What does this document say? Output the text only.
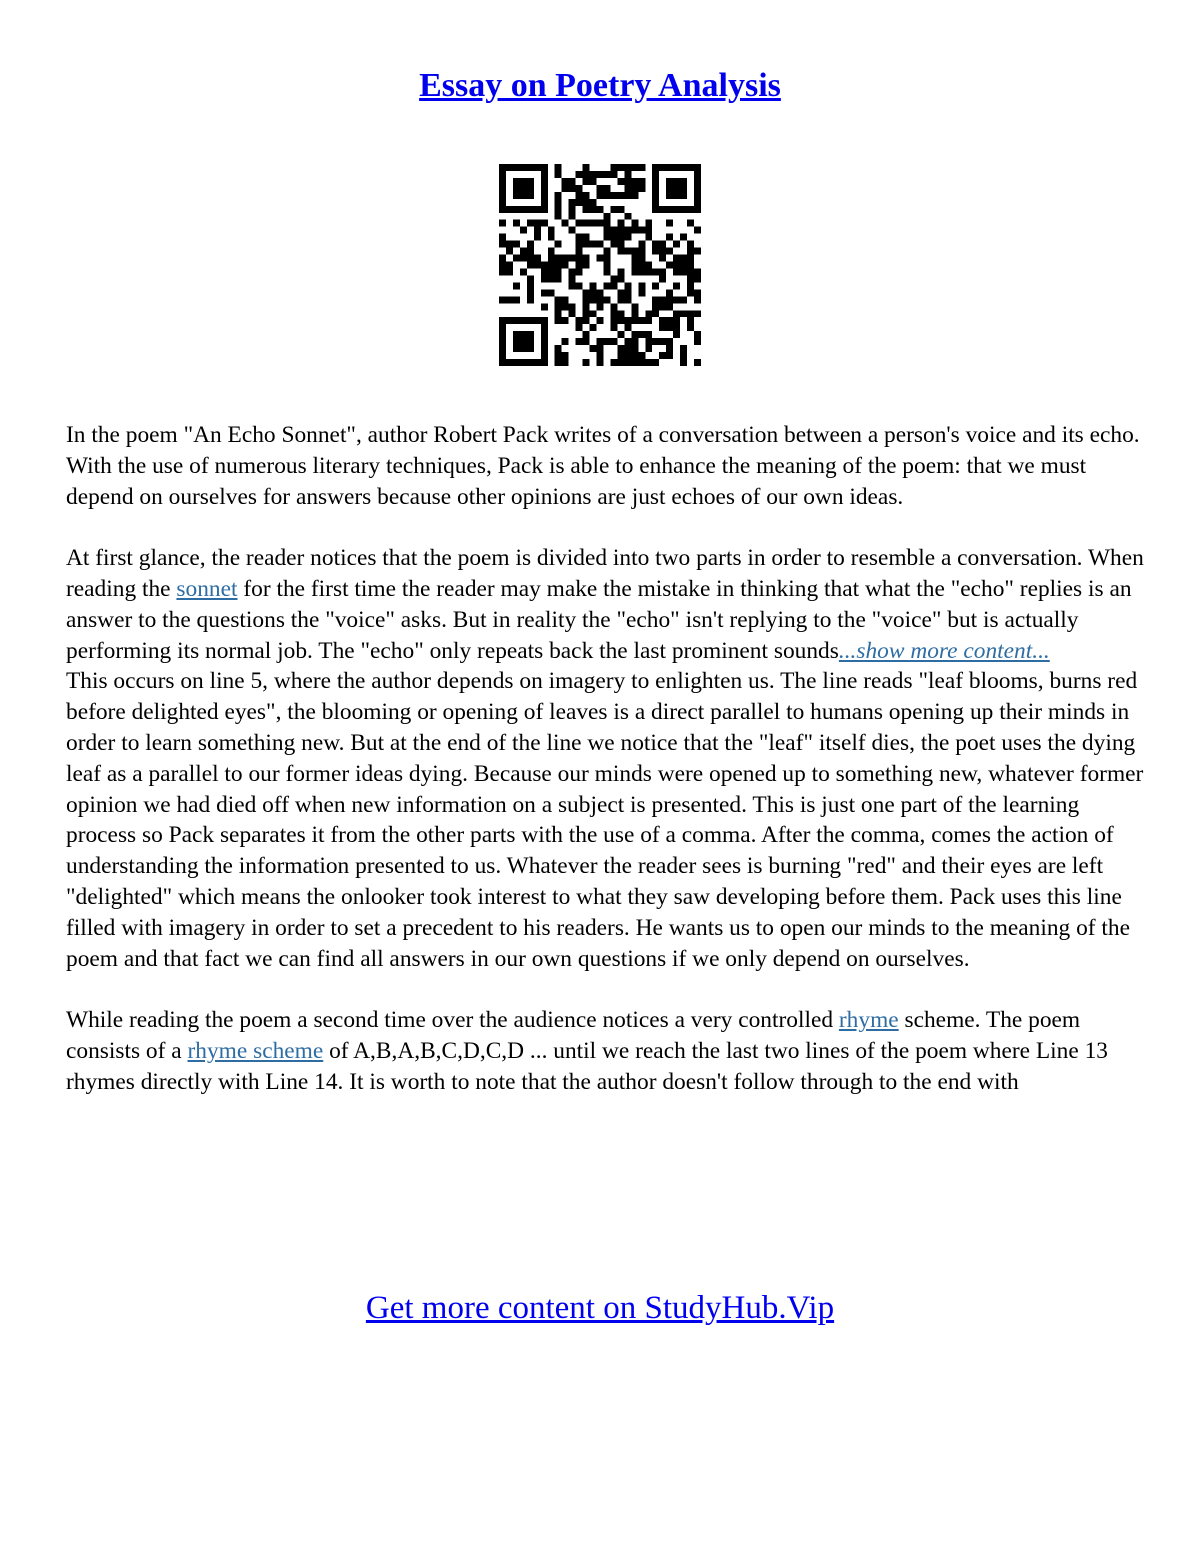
Essay on Poetry Analysis

In the poem "An Echo Sonnet", author Robert Pack writes of a conversation between a person's voice and its echo. With the use of numerous literary techniques, Pack is able to enhance the meaning of the poem: that we must depend on ourselves for answers because other opinions are just echoes of our own ideas.

At first glance, the reader notices that the poem is divided into two parts in order to resemble a conversation. When reading the sonnet for the first time the reader may make the mistake in thinking that what the "echo" replies is an answer to the questions the "voice" asks. But in reality the "echo" isn't replying to the "voice" but is actually performing its normal job. The "echo" only repeats back the last prominent sounds...show more content...

This occurs on line 5, where the author depends on imagery to enlighten us. The line reads "leaf blooms, burns red before delighted eyes", the blooming or opening of leaves is a direct parallel to humans opening up their minds in order to learn something new. But at the end of the line we notice that the "leaf" itself dies, the poet uses the dying leaf as a parallel to our former ideas dying. Because our minds were opened up to something new, whatever former opinion we had died off when new information on a subject is presented. This is just one part of the learning process so Pack separates it from the other parts with the use of a comma. After the comma, comes the action of understanding the information presented to us. Whatever the reader sees is burning "red" and their eyes are left "delighted" which means the onlooker took interest to what they saw developing before them. Pack uses this line filled with imagery in order to set a precedent to his readers. He wants us to open our minds to the meaning of the poem and that fact we can find all answers in our own questions if we only depend on ourselves.

While reading the poem a second time over the audience notices a very controlled rhyme scheme. The poem consists of a rhyme scheme of A,B,A,B,C,D,C,D ... until we reach the last two lines of the poem where Line 13 rhymes directly with Line 14. It is worth to note that the author doesn't follow through to the end with

Get more content on StudyHub.Vip
